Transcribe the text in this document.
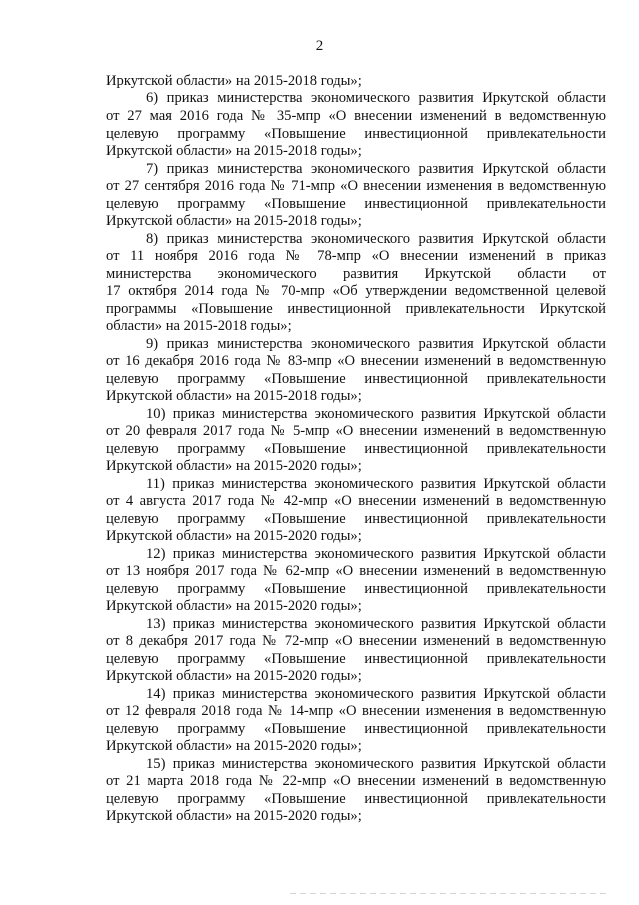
2
Иркутской области» на 2015-2018 годы»;
6) приказ министерства экономического развития Иркутской области
от 27 мая 2016 года № 35-мпр «О внесении изменений в ведомственную
целевую программу «Повышение инвестиционной привлекательности
Иркутской области» на 2015-2018 годы»;
7) приказ министерства экономического развития Иркутской области
от 27 сентября 2016 года № 71-мпр «О внесении изменения в ведомственную
целевую программу «Повышение инвестиционной привлекательности
Иркутской области» на 2015-2018 годы»;
8) приказ министерства экономического развития Иркутской области
от 11 ноября 2016 года № 78-мпр «О внесении изменений в приказ
министерства экономического развития Иркутской области от
17 октября 2014 года № 70-мпр «Об утверждении ведомственной целевой
программы «Повышение инвестиционной привлекательности Иркутской
области» на 2015-2018 годы»;
9) приказ министерства экономического развития Иркутской области
от 16 декабря 2016 года № 83-мпр «О внесении изменений в ведомственную
целевую программу «Повышение инвестиционной привлекательности
Иркутской области» на 2015-2018 годы»;
10) приказ министерства экономического развития Иркутской области
от 20 февраля 2017 года № 5-мпр «О внесении изменений в ведомственную
целевую программу «Повышение инвестиционной привлекательности
Иркутской области» на 2015-2020 годы»;
11) приказ министерства экономического развития Иркутской области
от 4 августа 2017 года № 42-мпр «О внесении изменений в ведомственную
целевую программу «Повышение инвестиционной привлекательности
Иркутской области» на 2015-2020 годы»;
12) приказ министерства экономического развития Иркутской области
от 13 ноября 2017 года № 62-мпр «О внесении изменений в ведомственную
целевую программу «Повышение инвестиционной привлекательности
Иркутской области» на 2015-2020 годы»;
13) приказ министерства экономического развития Иркутской области
от 8 декабря 2017 года № 72-мпр «О внесении изменений в ведомственную
целевую программу «Повышение инвестиционной привлекательности
Иркутской области» на 2015-2020 годы»;
14) приказ министерства экономического развития Иркутской области
от 12 февраля 2018 года № 14-мпр «О внесении изменения в ведомственную
целевую программу «Повышение инвестиционной привлекательности
Иркутской области» на 2015-2020 годы»;
15) приказ министерства экономического развития Иркутской области
от 21 марта 2018 года № 22-мпр «О внесении изменений в ведомственную
целевую программу «Повышение инвестиционной привлекательности
Иркутской области» на 2015-2020 годы»;
